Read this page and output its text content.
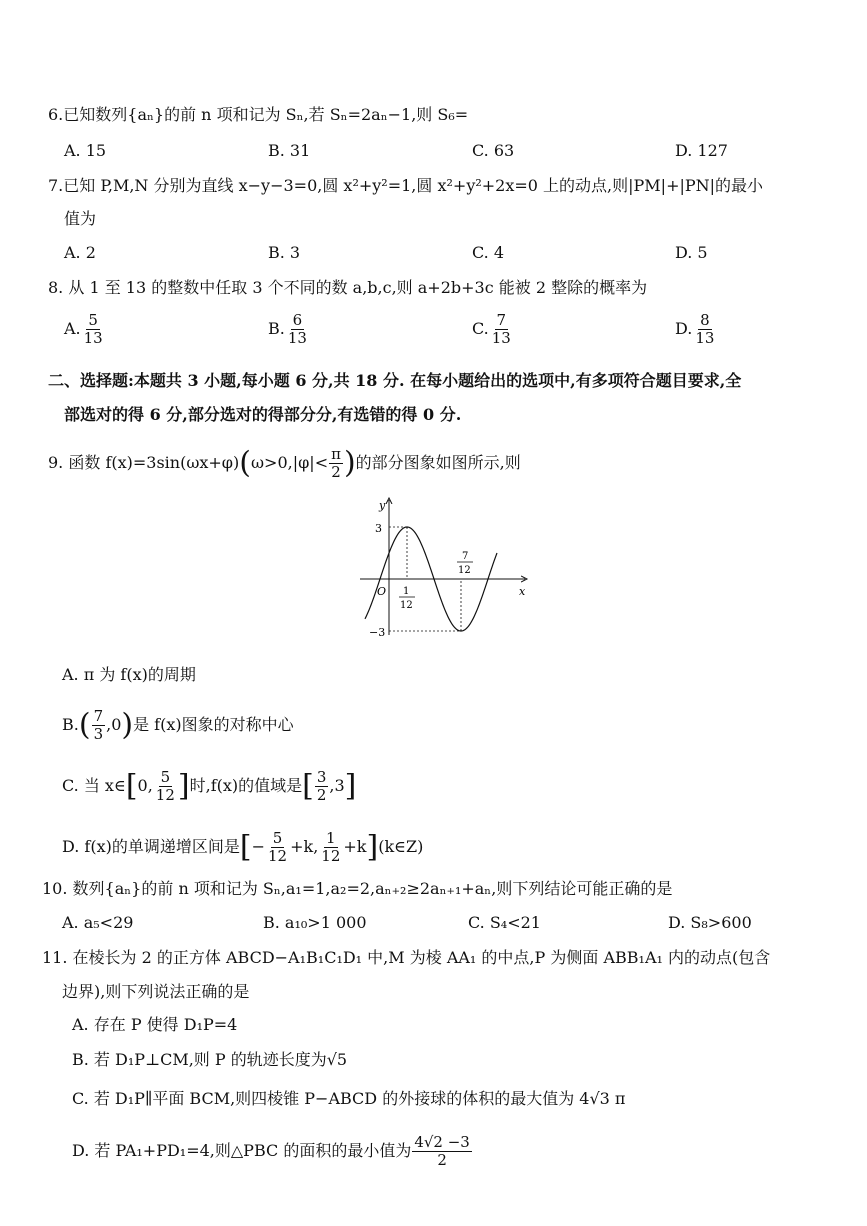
6.已知数列{aₙ}的前 n 项和记为 Sₙ,若 Sₙ=2aₙ−1,则 S₆=
A. 15	B. 31	C. 63	D. 127
7.已知 P,M,N 分别为直线 x−y−3=0,圆 x²+y²=1,圆 x²+y²+2x=0 上的动点,则|PM|+|PN|的最小
值为
A. 2	B. 3	C. 4	D. 5
8. 从 1 至 13 的整数中任取 3 个不同的数 a,b,c,则 a+2b+3c 能被 2 整除的概率为
A. $\frac{5}{13}$	B. $\frac{6}{13}$	C. $\frac{7}{13}$	D. $\frac{8}{13}$
二、选择题:本题共 3 小题,每小题 6 分,共 18 分. 在每小题给出的选项中,有多项符合题目要求,全
部选对的得 6 分,部分选对的得部分分,有选错的得 0 分.
9. 函数 $f(x)=3\sin(\omega x+\varphi)(\omega>0,|\varphi|< \frac{\pi}{2}$ )的部分图象如图所示,则
y
x
O
3
−3
1
12
7
12
A. π 为 f(x)的周期
$B.( \frac{7}{3} ,0)$是 f(x)图象的对称中心
C. 当 x∈[0, $\frac{5}{12}$ ]时,f(x)的值域是[ $\frac{3}{2} ,3$]
D. f(x)的单调递增区间是[− $\frac{5}{12} +k$, $\frac{1}{12}$ +k](k∈Z)
10. 数列{aₙ}的前 n 项和记为 Sₙ,a₁=1,a₂=2,aₙ₊₂≥2aₙ₊₁+aₙ,则下列结论可能正确的是
A. a₅<29	B. a₁₀>1 000	C. S₄<21	D. S₈>600
11. 在棱长为 2 的正方体 ABCD−A₁B₁C₁D₁ 中,M 为棱 AA₁ 的中点,P 为侧面 ABB₁A₁ 内的动点(包含
边界),则下列说法正确的是
A. 存在 P 使得 D₁P=4
B. 若 D₁P⊥CM,则 P 的轨迹长度为√5
C. 若 D₁P∥平面 BCM,则四棱锥 P−ABCD 的外接球的体积的最大值为 4√3 π
D. 若 PA₁+PD₁=4,则△PBC 的面积的最小值为 $\frac{4√2 -3}{2}$
